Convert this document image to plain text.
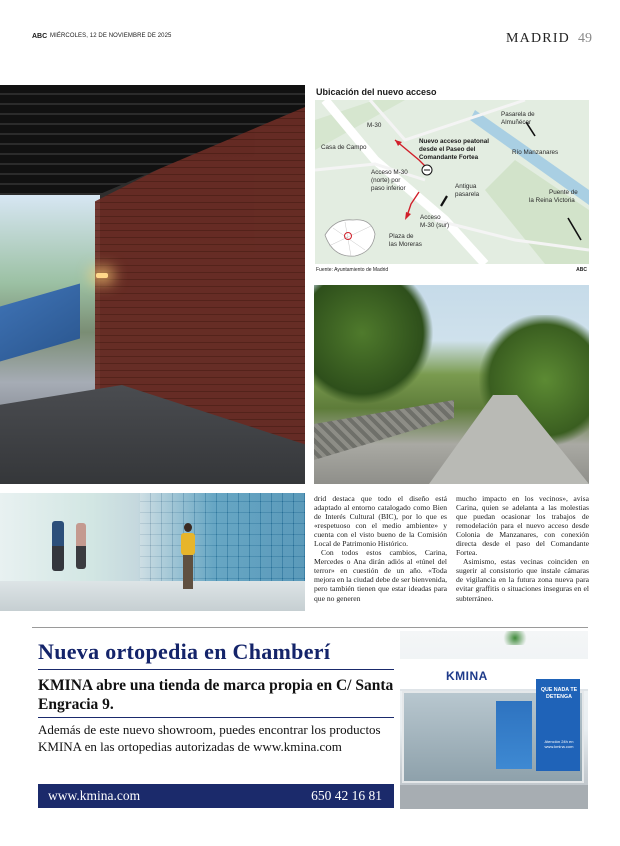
ABC MIÉRCOLES, 12 DE NOVIEMBRE DE 2025	MADRID 49
Ubicación del nuevo acceso
M-30
Casa de Campo
Pasarela de
Almuñécar
Río Manzanares
Nuevo acceso peatonal
desde el Paseo del
Comandante Fortea
Acceso M-30
(norte) por
paso inferior	Antigua
pasarela	Puente de
la Reina Victoria
Acceso
M-30 (sur)
Plaza de
las Moreras
Fuente: Ayuntamiento de Madrid	ABC

drid destaca que todo el diseño está adaptado al entorno catalogado como Bien de Interés Cultural (BIC), por lo que es «respetuoso con el medio ambiente» y cuenta con el visto bueno de la Comisión Local de Patrimonio Histórico.

Con todos estos cambios, Carina, Mercedes o Ana dirán adiós al «túnel del terror» en cuestión de un año. «Toda mejora en la ciudad debe de ser bienvenida, pero también tienen que estar ideadas para que no generen

mucho impacto en los vecinos», avisa Carina, quien se adelanta a las molestias que puedan ocasionar los trabajos de remodelación para el nuevo acceso desde Colonia de Manzanares, con conexión directa desde el paso del Comandante Fortea.

Asimismo, estas vecinas coinciden en sugerir al consistorio que instale cámaras de vigilancia en la futura zona nueva para evitar graffitis o situaciones inseguras en el subterráneo.

Nueva ortopedia en Chamberí
KMINA abre una tienda de marca propia en C/ Santa Engracia 9.
Además de este nuevo showroom, puedes encontrar los productos KMINA en las ortopedias autorizadas de www.kmina.com
www.kmina.com	650 42 16 81
KMINA
QUE NADA TE DETENGA
Atención 24h en www.kmina.com
